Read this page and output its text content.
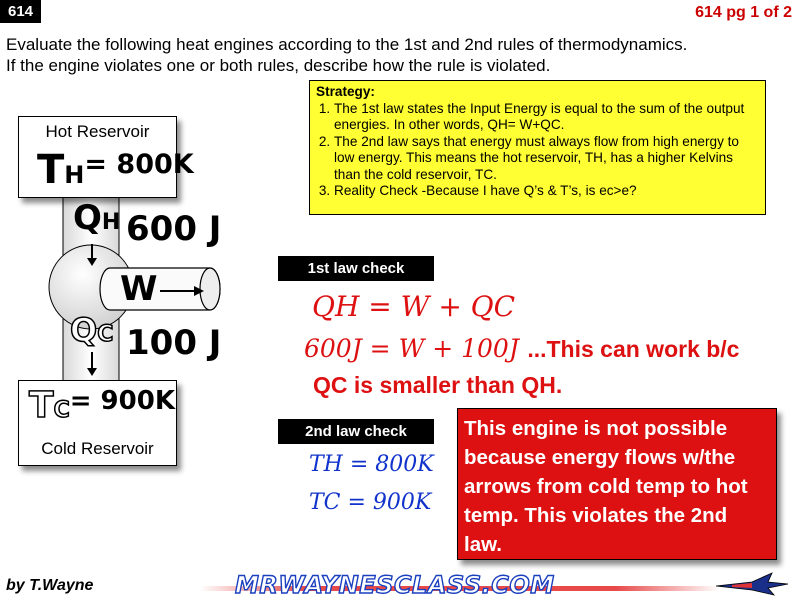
614	614 pg 1 of 2
Evaluate the following heat engines according to the 1st and 2nd rules of thermodynamics.
If the engine violates one or both rules, describe how the rule is violated.
Strategy:
1. The 1st law states the Input Energy is equal to the sum of the output energies. In other words, QH= W+QC.
2. The 2nd law says that energy must always flow from high energy to low energy. This means the hot reservoir, TH, has a higher Kelvins than the cold reservoir, TC.
3. Reality Check -Because I have Q’s & T’s, is ec>e?
Hot Reservoir
TH= 800K
QH 600 J
W
QC 100 J
TC= 900K
Cold Reservoir
1st law check
QH = W + QC
600J = W + 100J ...This can work b/c
QC is smaller than QH.
2nd law check
TH = 800K
TC = 900K
This engine is not possible because energy flows w/the arrows from cold temp to hot temp. This violates the 2nd law.
by T.Wayne	MRWAYNESCLASS.COM
